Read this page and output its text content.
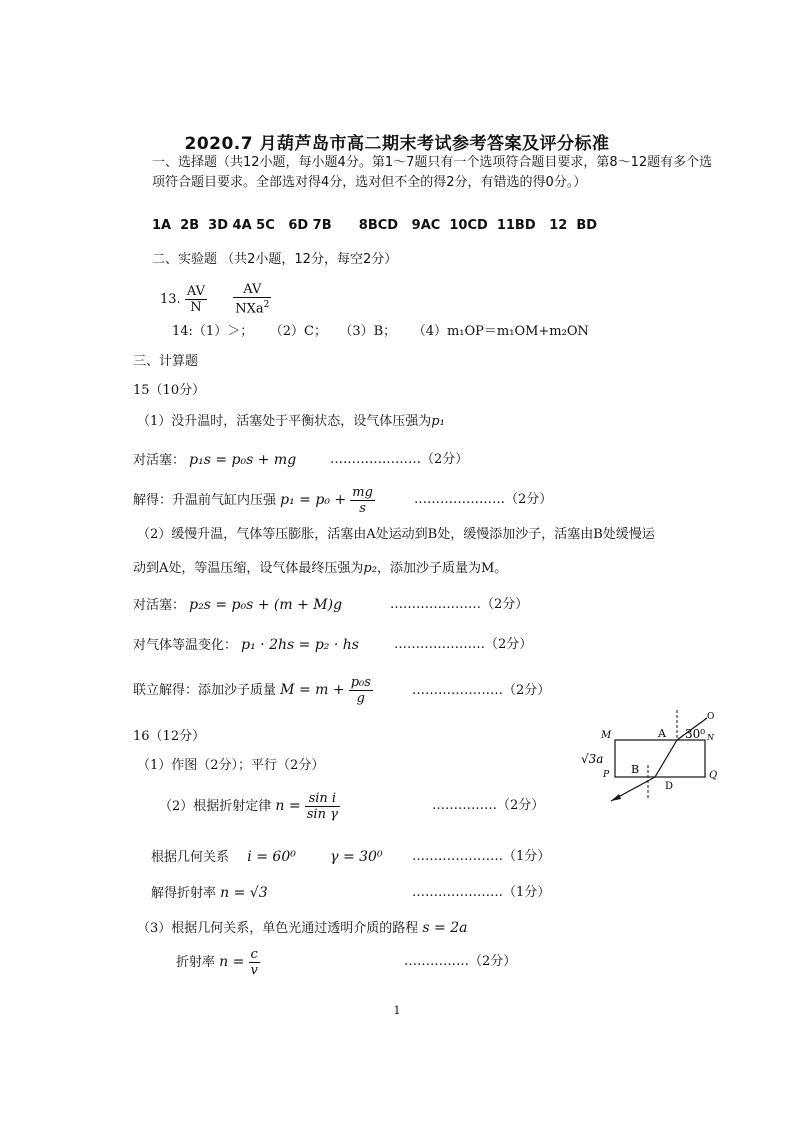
2020.7 月葫芦岛市高二期末考试参考答案及评分标准
一、选择题（共12小题，每小题4分。第1～7题只有一个选项符合题目要求，第8～12题有多个选项符合题目要求。全部选对得4分，选对但不全的得2分，有错选的得0分。）
1A  2B  3D 4A 5C   6D 7B      8BCD   9AC  10CD  11BD   12  BD
二、实验题 （共2小题，12分，每空2分）
13. $\frac{AV}{N}$
$\frac{AV}{NXa^2}$
14:（1）＞；    （2）C；   （3）B；    （4）m₁OP＝m₁OM+m₂ON
三、计算题
15（10分）
（1）没升温时，活塞处于平衡状态，设气体压强为p₁
对活塞： p₁s = p₀s + mg	…………………（2分）
解得：升温前气缸内压强 $p_1 = p_0 + \frac{mg}{s}$	…………………（2分）
（2）缓慢升温，气体等压膨胀，活塞由A处运动到B处，缓慢添加沙子，活塞由B处缓慢运
动到A处，等温压缩，设气体最终压强为p₂，添加沙子质量为M。
对活塞： p₂s = p₀s + (m + M)g	…………………（2分）
对气体等温变化： p₁ · 2hs = p₂ · hs	…………………（2分）
联立解得：添加沙子质量 $M = m + \frac{\text{p₀s}}{g}$	…………………（2分）
16（12分）
（1）作图（2分）；平行（2分）
（2）根据折射定律 $n = \frac{\text{sin i}}{\text{sin γ}}$	……………（2分）
根据几何关系 i = 60⁰ γ = 30⁰ …………………（1分）
解得折射率 n = √3	…………………（1分）
（3）根据几何关系，单色光通过透明介质的路程 s = 2a
折射率 $n = \frac{c}{v}$	……………（2分）
M	A
O
N
30⁰
√3a
P B
D
Q
1
